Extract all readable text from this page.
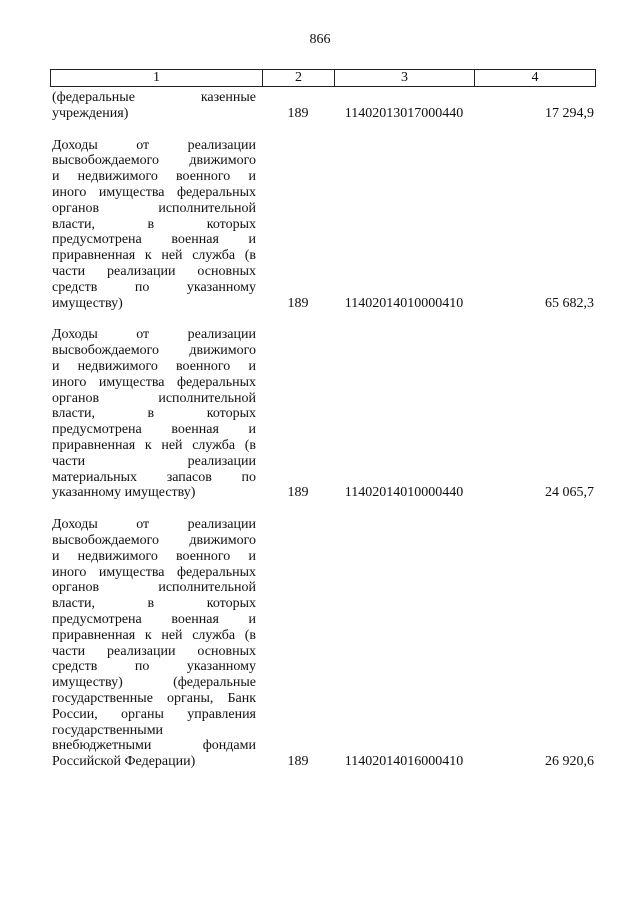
866
1	2	3	4
(федеральные казенные
учреждения)	189	11402013017000440	17 294,9
Доходы от реализации
высвобождаемого движимого
и недвижимого военного и
иного имущества федеральных
органов исполнительной
власти, в которых
предусмотрена военная и
приравненная к ней служба (в
части реализации основных
средств по указанному
имуществу)	189	11402014010000410	65 682,3
Доходы от реализации
высвобождаемого движимого
и недвижимого военного и
иного имущества федеральных
органов исполнительной
власти, в которых
предусмотрена военная и
приравненная к ней служба (в
части реализации
материальных запасов по
указанному имуществу)	189	11402014010000440	24 065,7
Доходы от реализации
высвобождаемого движимого
и недвижимого военного и
иного имущества федеральных
органов исполнительной
власти, в которых
предусмотрена военная и
приравненная к ней служба (в
части реализации основных
средств по указанному
имуществу) (федеральные
государственные органы, Банк
России, органы управления
государственными
внебюджетными фондами
Российской Федерации)	189	11402014016000410	26 920,6
